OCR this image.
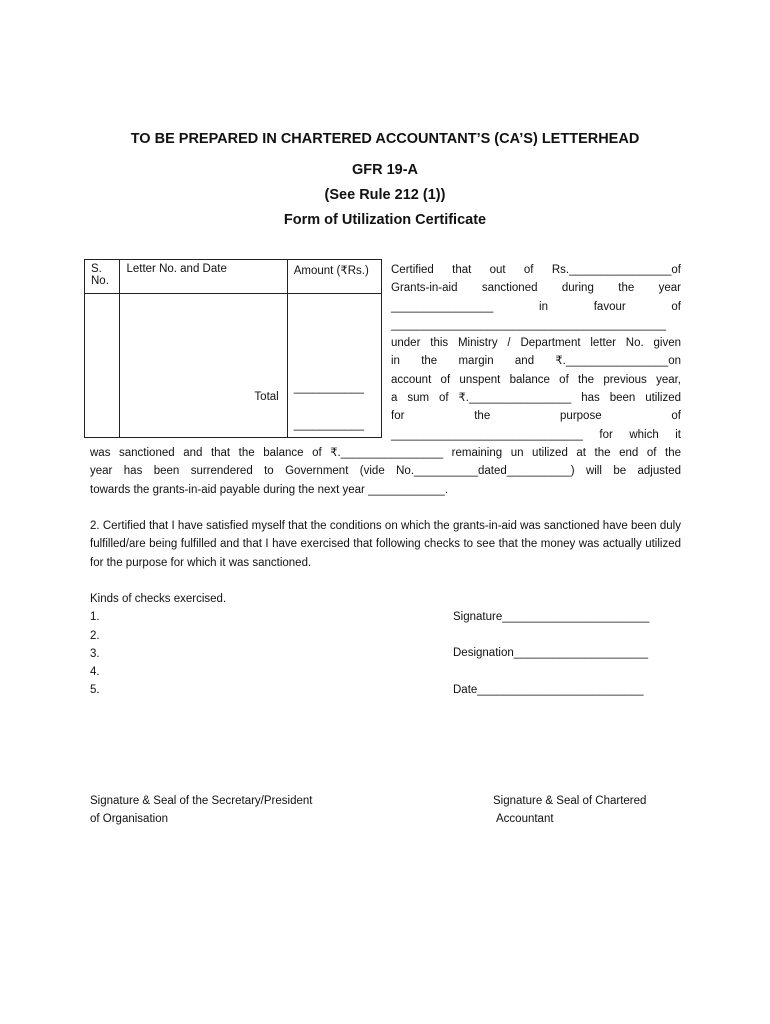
TO BE PREPARED IN CHARTERED ACCOUNTANT’S (CA’S) LETTERHEAD
GFR 19-A
(See Rule 212 (1))
Form of Utilization Certificate
S. No.	Letter No. and Date	Amount (₹Rs.)

	Total	___________
___________

Certified that out of Rs.________________of

Grants-in-aid sanctioned during the year

________________ in favour of

___________________________________________

under this Ministry / Department letter No. given

in the margin and ₹.________________on

account of unspent balance of the previous year,

a sum of ₹.________________ has been utilized

for the purpose of

______________________________ for which it

was sanctioned and that the balance of ₹.________________ remaining un utilized at the end of the

year has been surrendered to Government (vide No.__________dated__________) will be adjusted

towards the grants-in-aid payable during the next year ____________.

2. Certified that I have satisfied myself that the conditions on which the grants-in-aid was sanctioned have been duly fulfilled/are being fulfilled and that I have exercised that following checks to see that the money was actually utilized for the purpose for which it was sanctioned.

Kinds of checks exercised.
1.
2.
3.
4.
5.
Signature_______________________
Designation_____________________
Date__________________________
Signature & Seal of the Secretary/President
of Organisation
Signature & Seal of Chartered
Accountant
